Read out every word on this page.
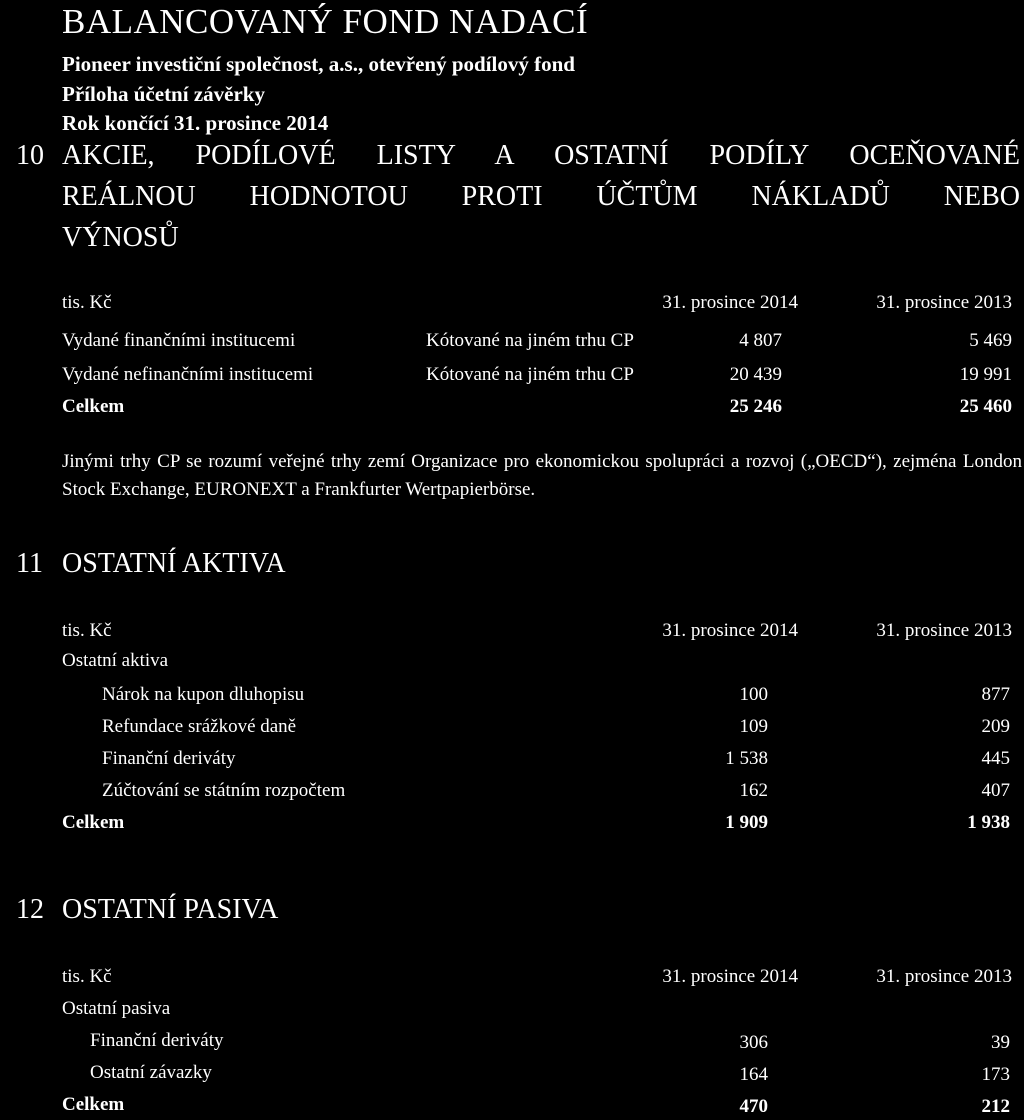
BALANCOVANÝ FOND NADACÍ
Pioneer investiční společnost, a.s., otevřený podílový fond
Příloha účetní závěrky
Rok končící 31. prosince 2014
10 AKCIE, PODÍLOVÉ LISTY A OSTATNÍ PODÍLY OCEŇOVANÉ
REÁLNOU HODNOTOU PROTI ÚČTŮM NÁKLADŮ NEBO
VÝNOSŮ
tis. Kč	31. prosince 2014	31. prosince 2013
Vydané finančními institucemi	Kótované na jiném trhu CP	4 807	5 469
Vydané nefinančními institucemi	Kótované na jiném trhu CP	20 439	19 991
Celkem	25 246	25 460
Jinými trhy CP se rozumí veřejné trhy zemí Organizace pro ekonomickou spolupráci a rozvoj („OECD“), zejména London Stock Exchange, EURONEXT a Frankfurter Wertpapierbörse.
11 OSTATNÍ AKTIVA
tis. Kč	31. prosince 2014	31. prosince 2013
Ostatní aktiva
Nárok na kupon dluhopisu	100	877
Refundace srážkové daně	109	209
Finanční deriváty	1 538	445
Zúčtování se státním rozpočtem	162	407
Celkem	1 909	1 938
12 OSTATNÍ PASIVA
tis. Kč	31. prosince 2014	31. prosince 2013
Ostatní pasiva
Finanční deriváty	306	39
Ostatní závazky	164	173
Celkem	470	212
